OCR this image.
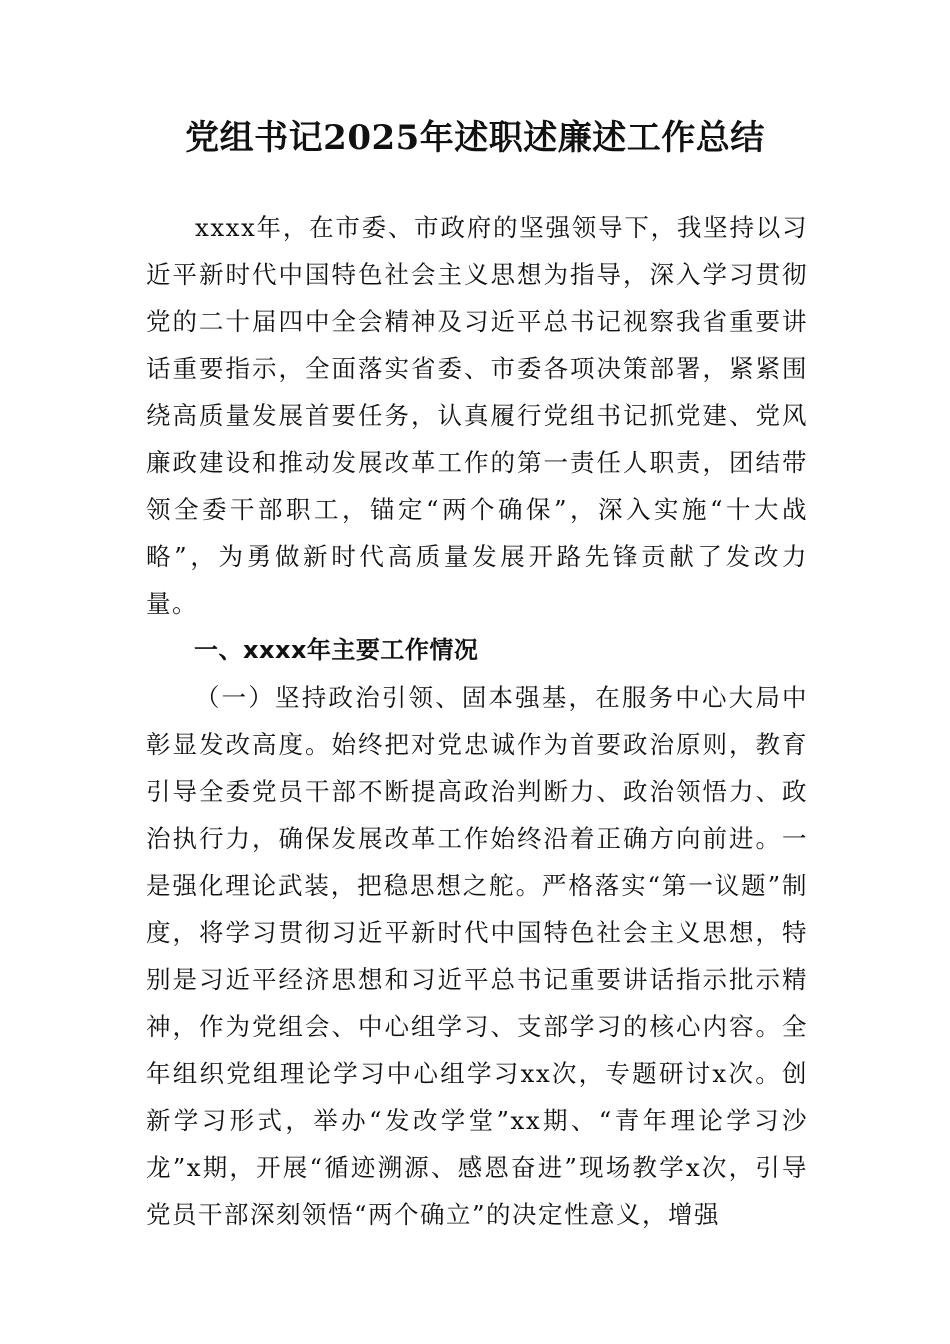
党组书记2025年述职述廉述工作总结

xxxx年，在市委、市政府的坚强领导下，我坚持以习近平新时代中国特色社会主义思想为指导，深入学习贯彻党的二十届四中全会精神及习近平总书记视察我省重要讲话重要指示，全面落实省委、市委各项决策部署，紧紧围绕高质量发展首要任务，认真履行党组书记抓党建、党风廉政建设和推动发展改革工作的第一责任人职责，团结带领全委干部职工，锚定“两个确保”，深入实施“十大战略”，为勇做新时代高质量发展开路先锋贡献了发改力量。

一、xxxx年主要工作情况

（一）坚持政治引领、固本强基，在服务中心大局中彰显发改高度。始终把对党忠诚作为首要政治原则，教育引导全委党员干部不断提高政治判断力、政治领悟力、政治执行力，确保发展改革工作始终沿着正确方向前进。一是强化理论武装，把稳思想之舵。严格落实“第一议题”制度，将学习贯彻习近平新时代中国特色社会主义思想，特别是习近平经济思想和习近平总书记重要讲话指示批示精神，作为党组会、中心组学习、支部学习的核心内容。全年组织党组理论学习中心组学习xx次，专题研讨x次。创新学习形式，举办“发改学堂”xx期、“青年理论学习沙龙”x期，开展“循迹溯源、感恩奋进”现场教学x次，引导党员干部深刻领悟“两个确立”的决定性意义，增强
